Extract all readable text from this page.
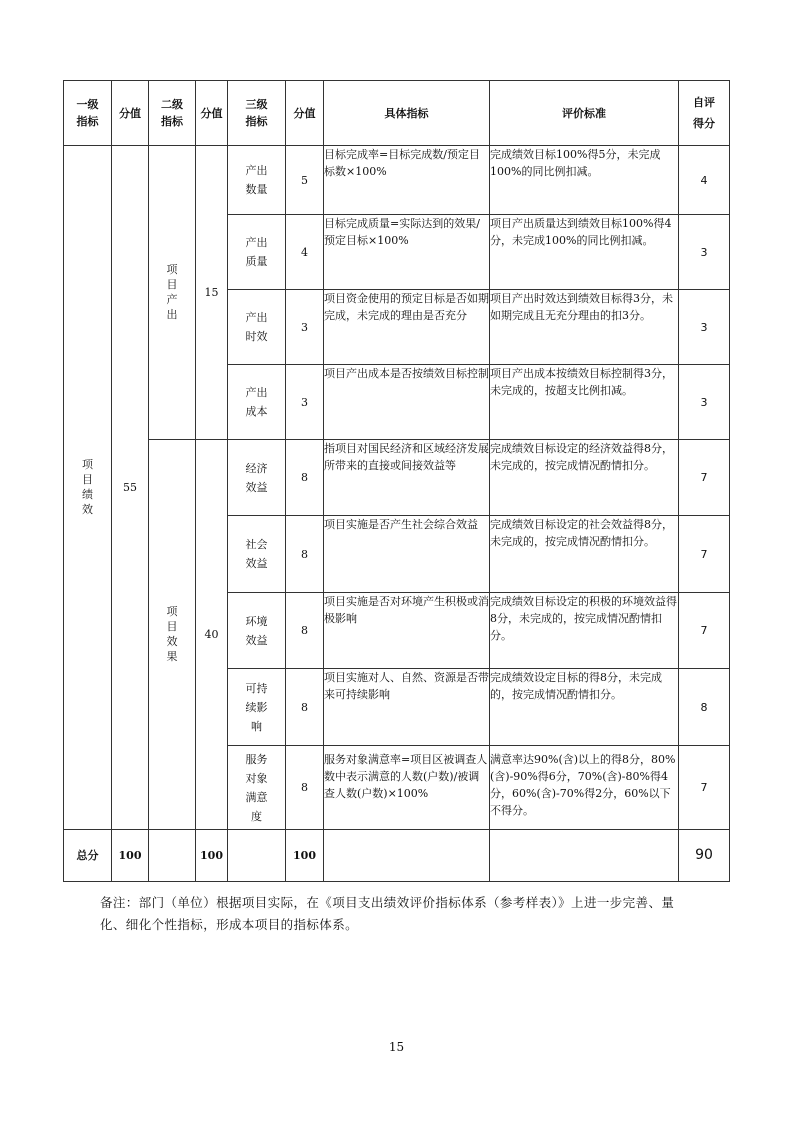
一级指标	分值	二级指标	分值	三级指标	分值	具体指标	评价标准	自评得分
项目绩效	55	项目产出	15	产出数量	5	目标完成率=目标完成数/预定目标数×100%	完成绩效目标100%得5分，未完成100%的同比例扣减。	4
				产出质量	4	目标完成质量=实际达到的效果/预定目标×100%	项目产出质量达到绩效目标100%得4分，未完成100%的同比例扣减。	3
				产出时效	3	项目资金使用的预定目标是否如期完成，未完成的理由是否充分	项目产出时效达到绩效目标得3分，未如期完成且无充分理由的扣3分。	3
				产出成本	3	项目产出成本是否按绩效目标控制	项目产出成本按绩效目标控制得3分，未完成的，按超支比例扣减。	3
		项目效果	40	经济效益	8	指项目对国民经济和区域经济发展所带来的直接或间接效益等	完成绩效目标设定的经济效益得8分，未完成的，按完成情况酌情扣分。	7
				社会效益	8	项目实施是否产生社会综合效益	完成绩效目标设定的社会效益得8分，未完成的，按完成情况酌情扣分。	7
				环境效益	8	项目实施是否对环境产生积极或消极影响	完成绩效目标设定的积极的环境效益得8分，未完成的，按完成情况酌情扣分。	7
				可持续影响	8	项目实施对人、自然、资源是否带来可持续影响	完成绩效设定目标的得8分，未完成的，按完成情况酌情扣分。	8
				服务对象满意度	8	服务对象满意率=项目区被调查人数中表示满意的人数(户数)/被调查人数(户数)×100%	满意率达90%(含)以上的得8分，80%(含)-90%得6分，70%(含)-80%得4分，60%(含)-70%得2分，60%以下不得分。	7
总分	100		100		100			90
备注：部门（单位）根据项目实际，在《项目支出绩效评价指标体系（参考样表）》上进一步完善、量化、细化个性指标，形成本项目的指标体系。
15
